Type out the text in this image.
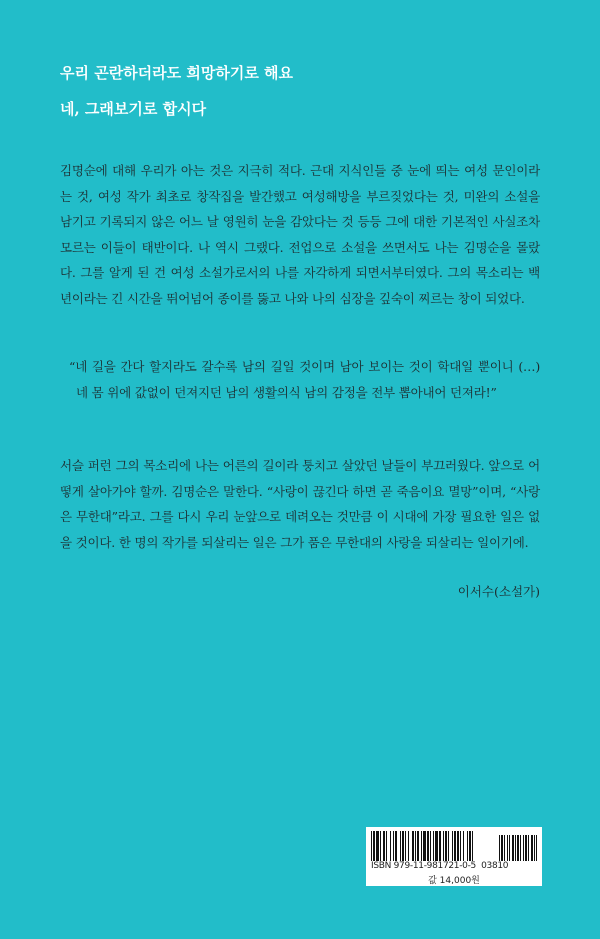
우리 곤란하더라도 희망하기로 해요
네, 그래보기로 합시다
김명순에 대해 우리가 아는 것은 지극히 적다. 근대 지식인들 중 눈에 띄는 여성 문인이라는 것, 여성 작가 최초로 창작집을 발간했고 여성해방을 부르짖었다는 것, 미완의 소설을 남기고 기록되지 않은 어느 날 영원히 눈을 감았다는 것 등등 그에 대한 기본적인 사실조차 모르는 이들이 태반이다. 나 역시 그랬다. 전업으로 소설을 쓰면서도 나는 김명순을 몰랐다. 그를 알게 된 건 여성 소설가로서의 나를 자각하게 되면서부터였다. 그의 목소리는 백 년이라는 긴 시간을 뛰어넘어 종이를 뚫고 나와 나의 심장을 깊숙이 찌르는 창이 되었다.
“네 길을 간다 할지라도 갈수록 남의 길일 것이며 남아 보이는 것이 학대일 뿐이니 (…) 네 몸 위에 값없이 던져지던 남의 생활의식 남의 감정을 전부 뽑아내어 던져라!”
서슬 퍼런 그의 목소리에 나는 어른의 길이라 퉁치고 살았던 날들이 부끄러웠다. 앞으로 어떻게 살아가야 할까. 김명순은 말한다. “사랑이 끊긴다 하면 곧 죽음이요 멸망”이며, “사랑은 무한대”라고. 그를 다시 우리 눈앞으로 데려오는 것만큼 이 시대에 가장 필요한 일은 없을 것이다. 한 명의 작가를 되살리는 일은 그가 품은 무한대의 사랑을 되살리는 일이기에.
이서수(소설가)
ISBN 979-11-981721-0-5 03810
값 14,000원
